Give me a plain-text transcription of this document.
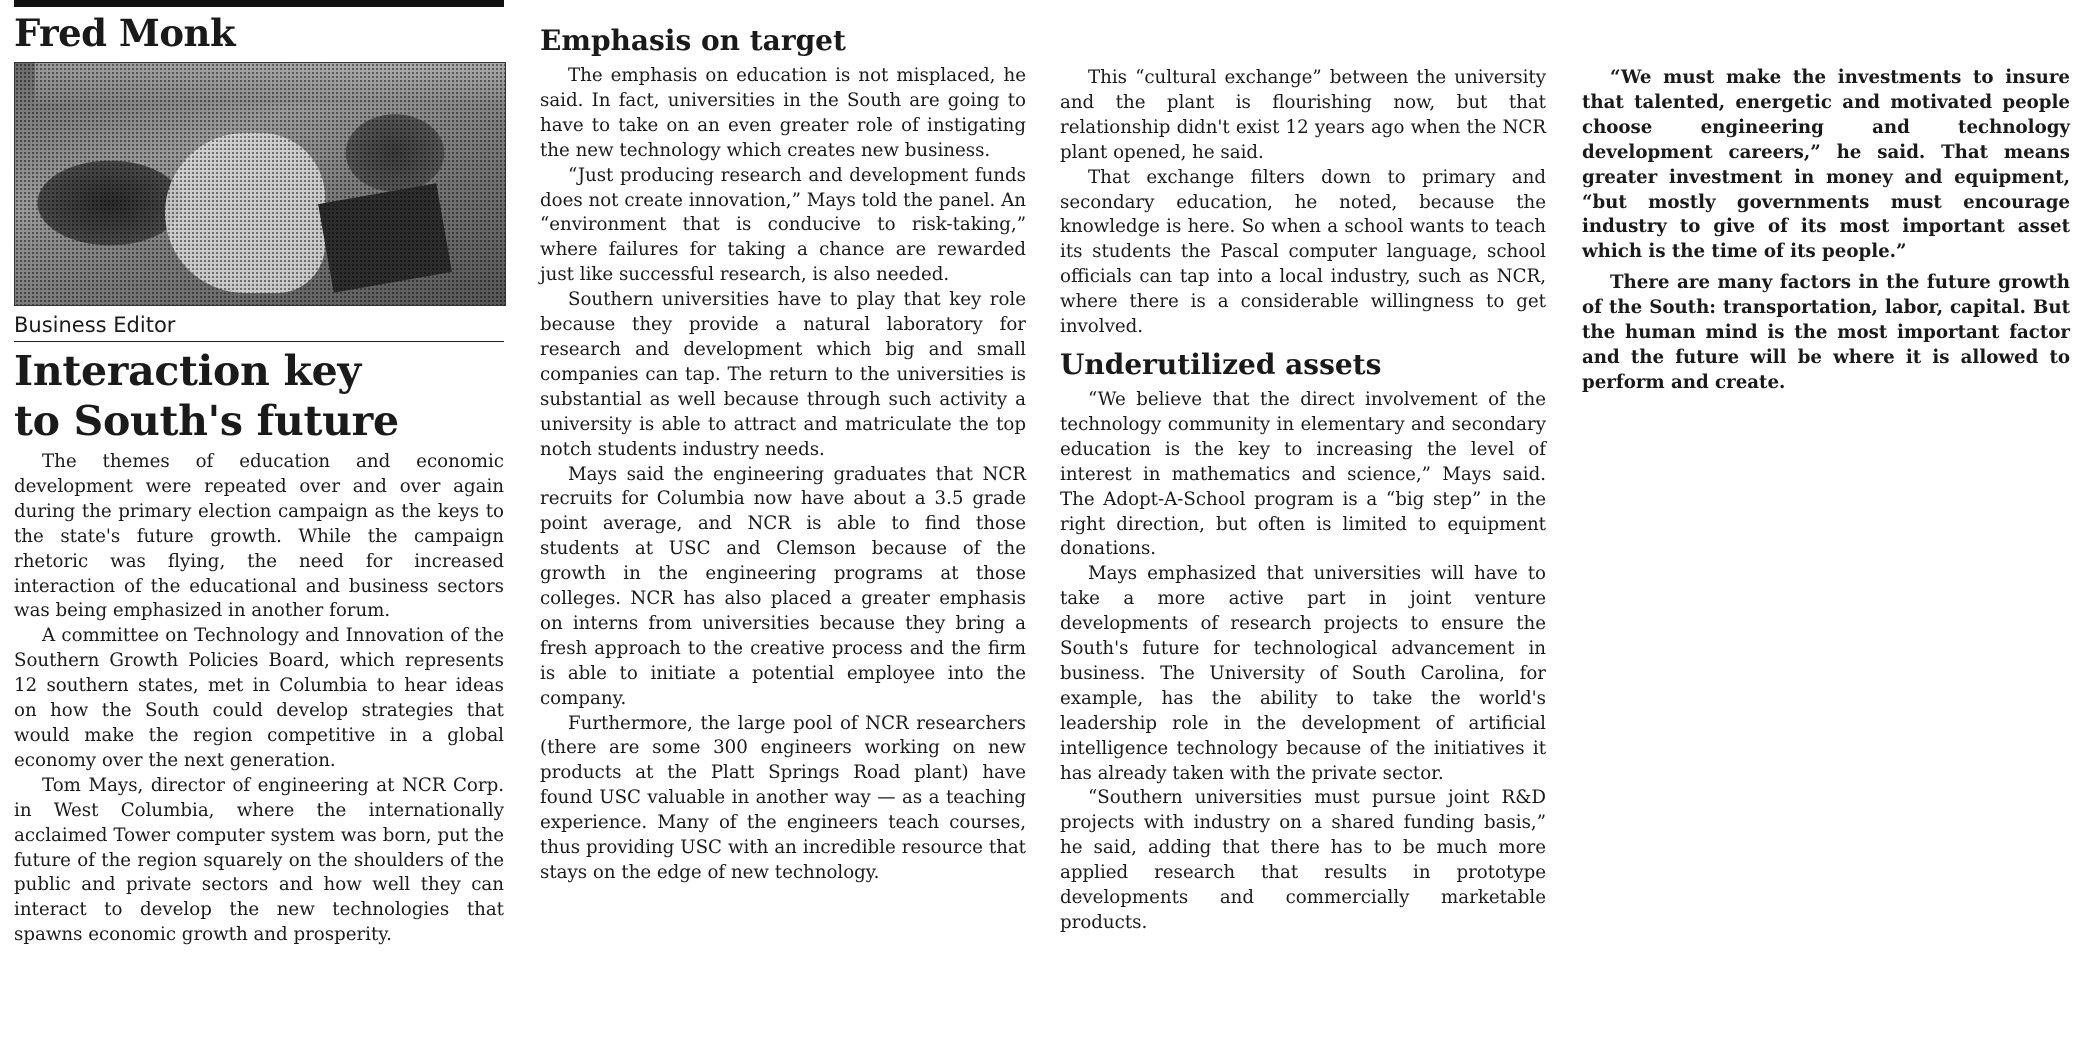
Fred Monk
Business Editor
Interaction key
to South's future

The themes of education and economic development were repeated over and over again during the primary election campaign as the keys to the state's future growth. While the campaign rhetoric was flying, the need for increased interaction of the educational and business sectors was being emphasized in another forum.

A committee on Technology and Innovation of the Southern Growth Policies Board, which represents 12 southern states, met in Columbia to hear ideas on how the South could develop strategies that would make the region competitive in a global economy over the next generation.

Tom Mays, director of engineering at NCR Corp. in West Columbia, where the internationally acclaimed Tower computer system was born, put the future of the region squarely on the shoulders of the public and private sectors and how well they can interact to develop the new technologies that spawns economic growth and prosperity.

Emphasis on target

The emphasis on education is not misplaced, he said. In fact, universities in the South are going to have to take on an even greater role of instigating the new technology which creates new business.

“Just producing research and development funds does not create innovation,” Mays told the panel. An “environment that is conducive to risk-taking,” where failures for taking a chance are rewarded just like successful research, is also needed.

Southern universities have to play that key role because they provide a natural laboratory for research and development which big and small companies can tap. The return to the universities is substantial as well because through such activity a university is able to attract and matriculate the top notch students industry needs.

Mays said the engineering graduates that NCR recruits for Columbia now have about a 3.5 grade point average, and NCR is able to find those students at USC and Clemson because of the growth in the engineering programs at those colleges. NCR has also placed a greater emphasis on interns from universities because they bring a fresh approach to the creative process and the firm is able to initiate a potential employee into the company.

Furthermore, the large pool of NCR researchers (there are some 300 engineers working on new products at the Platt Springs Road plant) have found USC valuable in another way — as a teaching experience. Many of the engineers teach courses, thus providing USC with an incredible resource that stays on the edge of new technology.

This “cultural exchange” between the university and the plant is flourishing now, but that relationship didn't exist 12 years ago when the NCR plant opened, he said.

That exchange filters down to primary and secondary education, he noted, because the knowledge is here. So when a school wants to teach its students the Pascal computer language, school officials can tap into a local industry, such as NCR, where there is a considerable willingness to get involved.

Underutilized assets

“We believe that the direct involvement of the technology community in elementary and secondary education is the key to increasing the level of interest in mathematics and science,” Mays said. The Adopt-A-School program is a “big step” in the right direction, but often is limited to equipment donations.

Mays emphasized that universities will have to take a more active part in joint venture developments of research projects to ensure the South's future for technological advancement in business. The University of South Carolina, for example, has the ability to take the world's leadership role in the development of artificial intelligence technology because of the initiatives it has already taken with the private sector.

“Southern universities must pursue joint R&D projects with industry on a shared funding basis,” he said, adding that there has to be much more applied research that results in prototype developments and commercially marketable products.

“We must make the investments to insure that talented, energetic and motivated people choose engineering and technology development careers,” he said. That means greater investment in money and equipment, “but mostly governments must encourage industry to give of its most important asset which is the time of its people.”

There are many factors in the future growth of the South: transportation, labor, capital. But the human mind is the most important factor and the future will be where it is allowed to perform and create.
